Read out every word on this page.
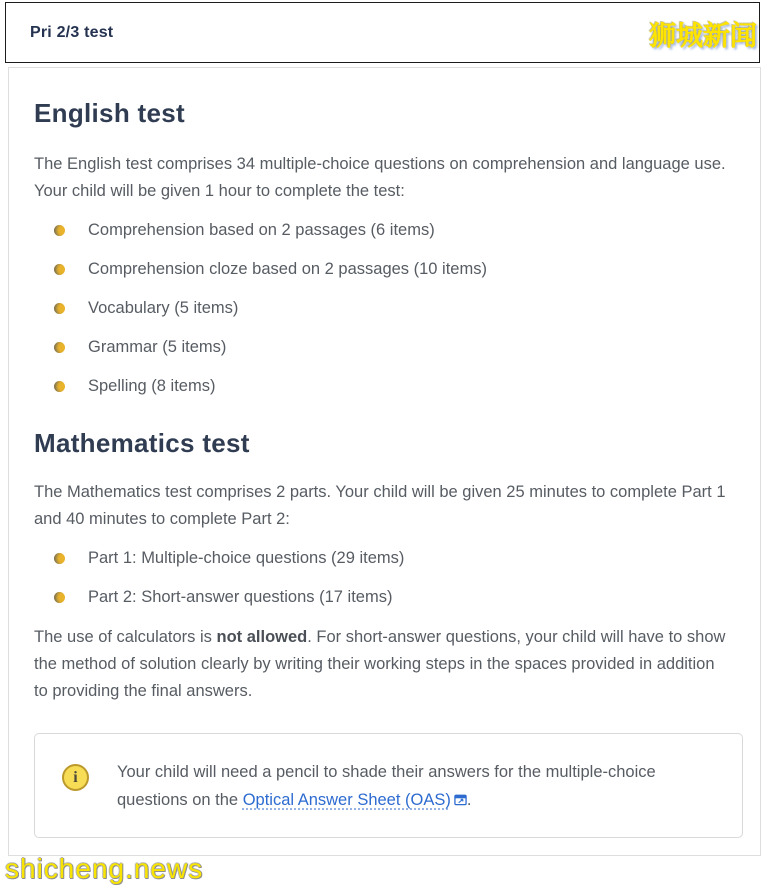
Pri 2/3 test	狮城新闻
English test

The English test comprises 34 multiple-choice questions on comprehension and language use. Your child will be given 1 hour to complete the test:

Comprehension based on 2 passages (6 items)
Comprehension cloze based on 2 passages (10 items)
Vocabulary (5 items)
Grammar (5 items)
Spelling (8 items)
Mathematics test

The Mathematics test comprises 2 parts. Your child will be given 25 minutes to complete Part 1 and 40 minutes to complete Part 2:

Part 1: Multiple-choice questions (29 items)
Part 2: Short-answer questions (17 items)

The use of calculators is not allowed. For short-answer questions, your child will have to show the method of solution clearly by writing their working steps in the spaces provided in addition to providing the final answers.

i
Your child will need a pencil to shade their answers for the multiple-choice questions on the Optical Answer Sheet (OAS) .
shicheng.news
